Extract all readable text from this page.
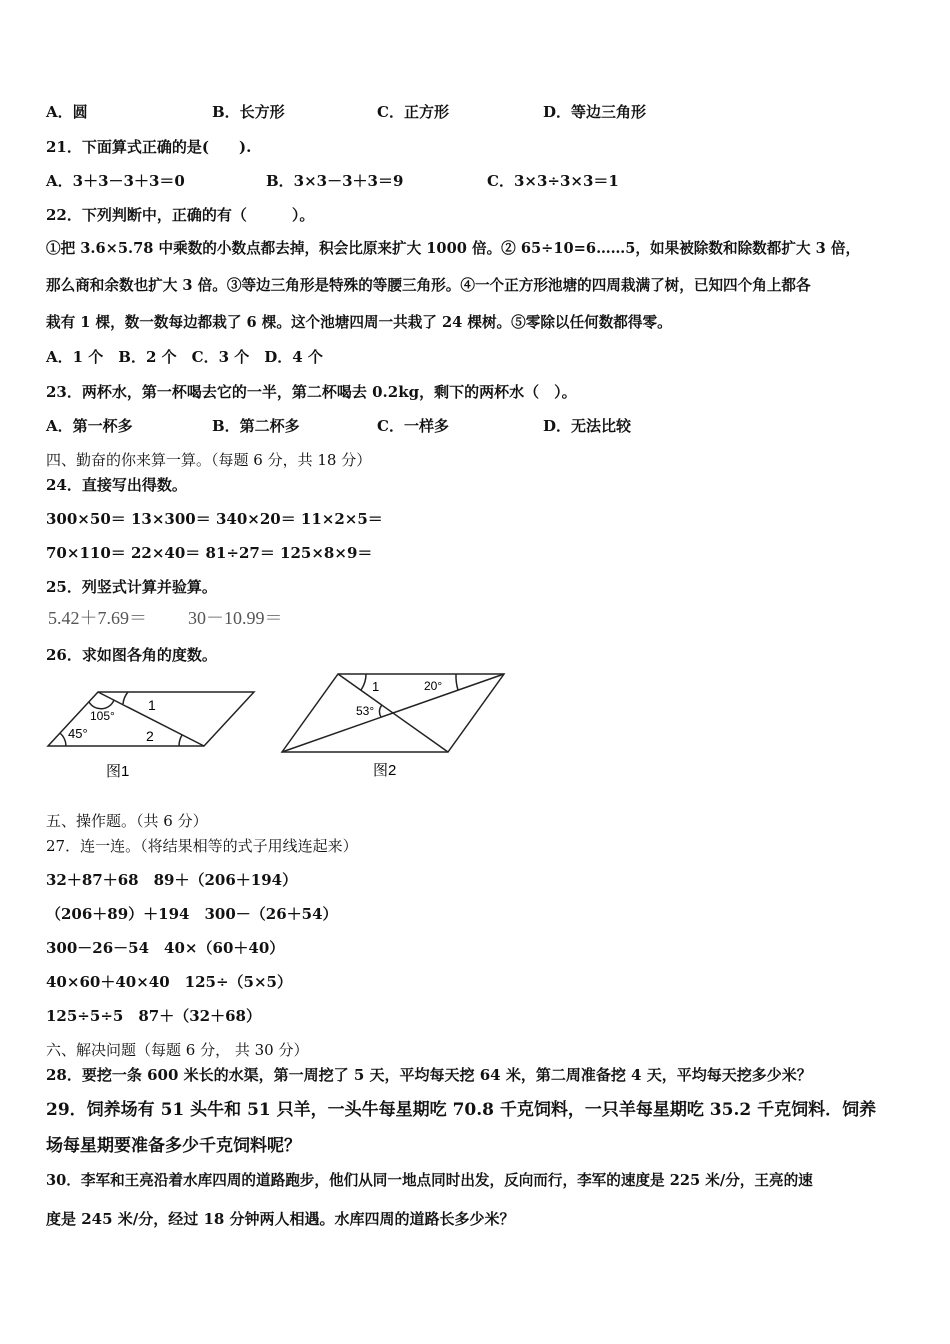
A．圆	B．长方形	C．正方形	D．等边三角形
21．下面算式正确的是(　　).
A．3＋3－3＋3＝0	B．3×3－3＋3＝9	C．3×3÷3×3＝1
22．下列判断中，正确的有（　　　）。
①把 3.6×5.78 中乘数的小数点都去掉，积会比原来扩大 1000 倍。② 65÷10=6……5，如果被除数和除数都扩大 3 倍，
那么商和余数也扩大 3 倍。③等边三角形是特殊的等腰三角形。④一个正方形池塘的四周栽满了树，已知四个角上都各
栽有 1 棵，数一数每边都栽了 6 棵。这个池塘四周一共栽了 24 棵树。⑤零除以任何数都得零。
A．1 个　B．2 个　C．3 个　D．4 个
23．两杯水，第一杯喝去它的一半，第二杯喝去 0.2kg，剩下的两杯水（　）。
A．第一杯多	B．第二杯多	C．一样多	D．无法比较
四、勤奋的你来算一算。（每题 6 分，共 18 分）
24．直接写出得数。
300×50＝ 13×300＝ 340×20＝ 11×2×5＝
70×110＝ 22×40＝ 81÷27＝ 125×8×9＝
25．列竖式计算并验算。
5.42＋7.69＝ 30－10.99＝
26．求如图各角的度数。
105°
1
45°	2
图1
1	20°
53°
图2
五、操作题。（共 6 分）
27．连一连。（将结果相等的式子用线连起来）
32＋87＋68　89＋（206＋194）
（206＋89）＋194　300－（26＋54）
300－26－54　40×（60＋40）
40×60＋40×40　125÷（5×5）
125÷5÷5　87＋（32＋68）
六、解决问题（每题 6 分， 共 30 分）
28．要挖一条 600 米长的水渠，第一周挖了 5 天，平均每天挖 64 米，第二周准备挖 4 天，平均每天挖多少米？
29．饲养场有 51 头牛和 51 只羊，一头牛每星期吃 70.8 千克饲料，一只羊每星期吃 35.2 千克饲料．饲养
场每星期要准备多少千克饲料呢？
30．李军和王亮沿着水库四周的道路跑步，他们从同一地点同时出发，反向而行，李军的速度是 225 米/分，王亮的速
度是 245 米/分，经过 18 分钟两人相遇。水库四周的道路长多少米？
